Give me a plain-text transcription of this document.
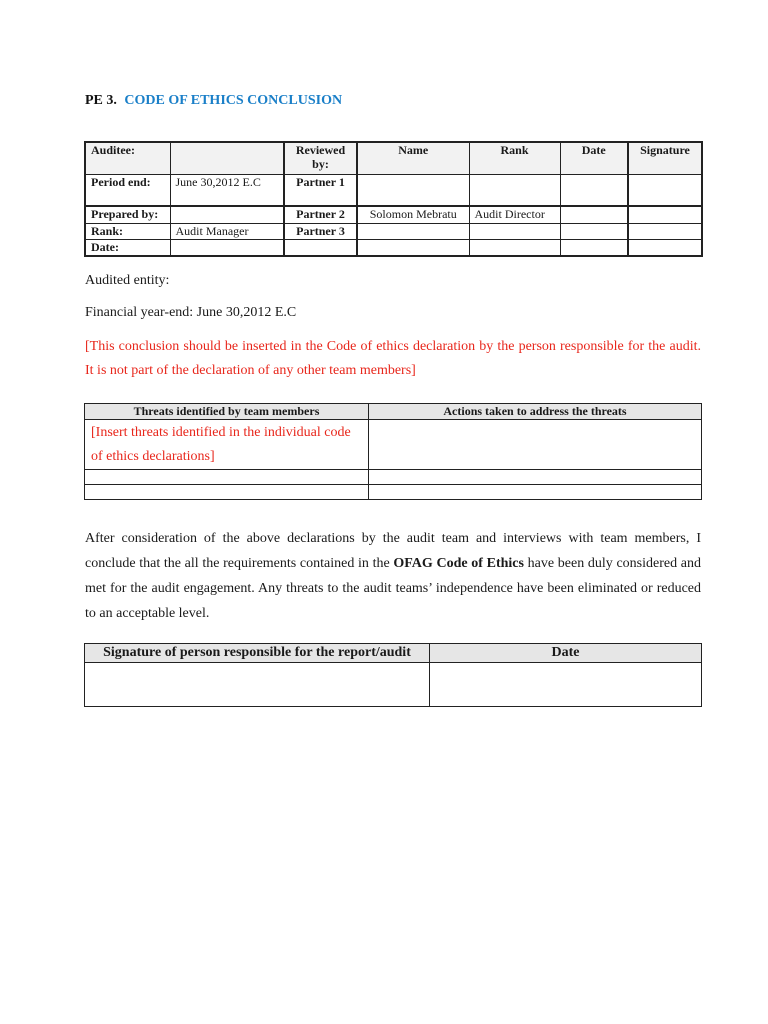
PE 3. CODE OF ETHICS CONCLUSION
Auditee:		Reviewed by:	Name	Rank	Date	Signature
Period end:	June 30,2012 E.C	Partner 1				
Prepared by:		Partner 2	Solomon Mebratu	Audit Director		
Rank:	Audit Manager	Partner 3				
Date:						
Audited entity:
Financial year-end: June 30,2012 E.C
[This conclusion should be inserted in the Code of ethics declaration by the person responsible for the audit. It is not part of the declaration of any other team members]
Threats identified by team members	Actions taken to address the threats
[Insert threats identified in the individual code of ethics declarations]	

After consideration of the above declarations by the audit team and interviews with team members, I conclude that the all the requirements contained in the OFAG Code of Ethics have been duly considered and met for the audit engagement. Any threats to the audit teams’ independence have been eliminated or reduced to an acceptable level.
Signature of person responsible for the report/audit	Date
